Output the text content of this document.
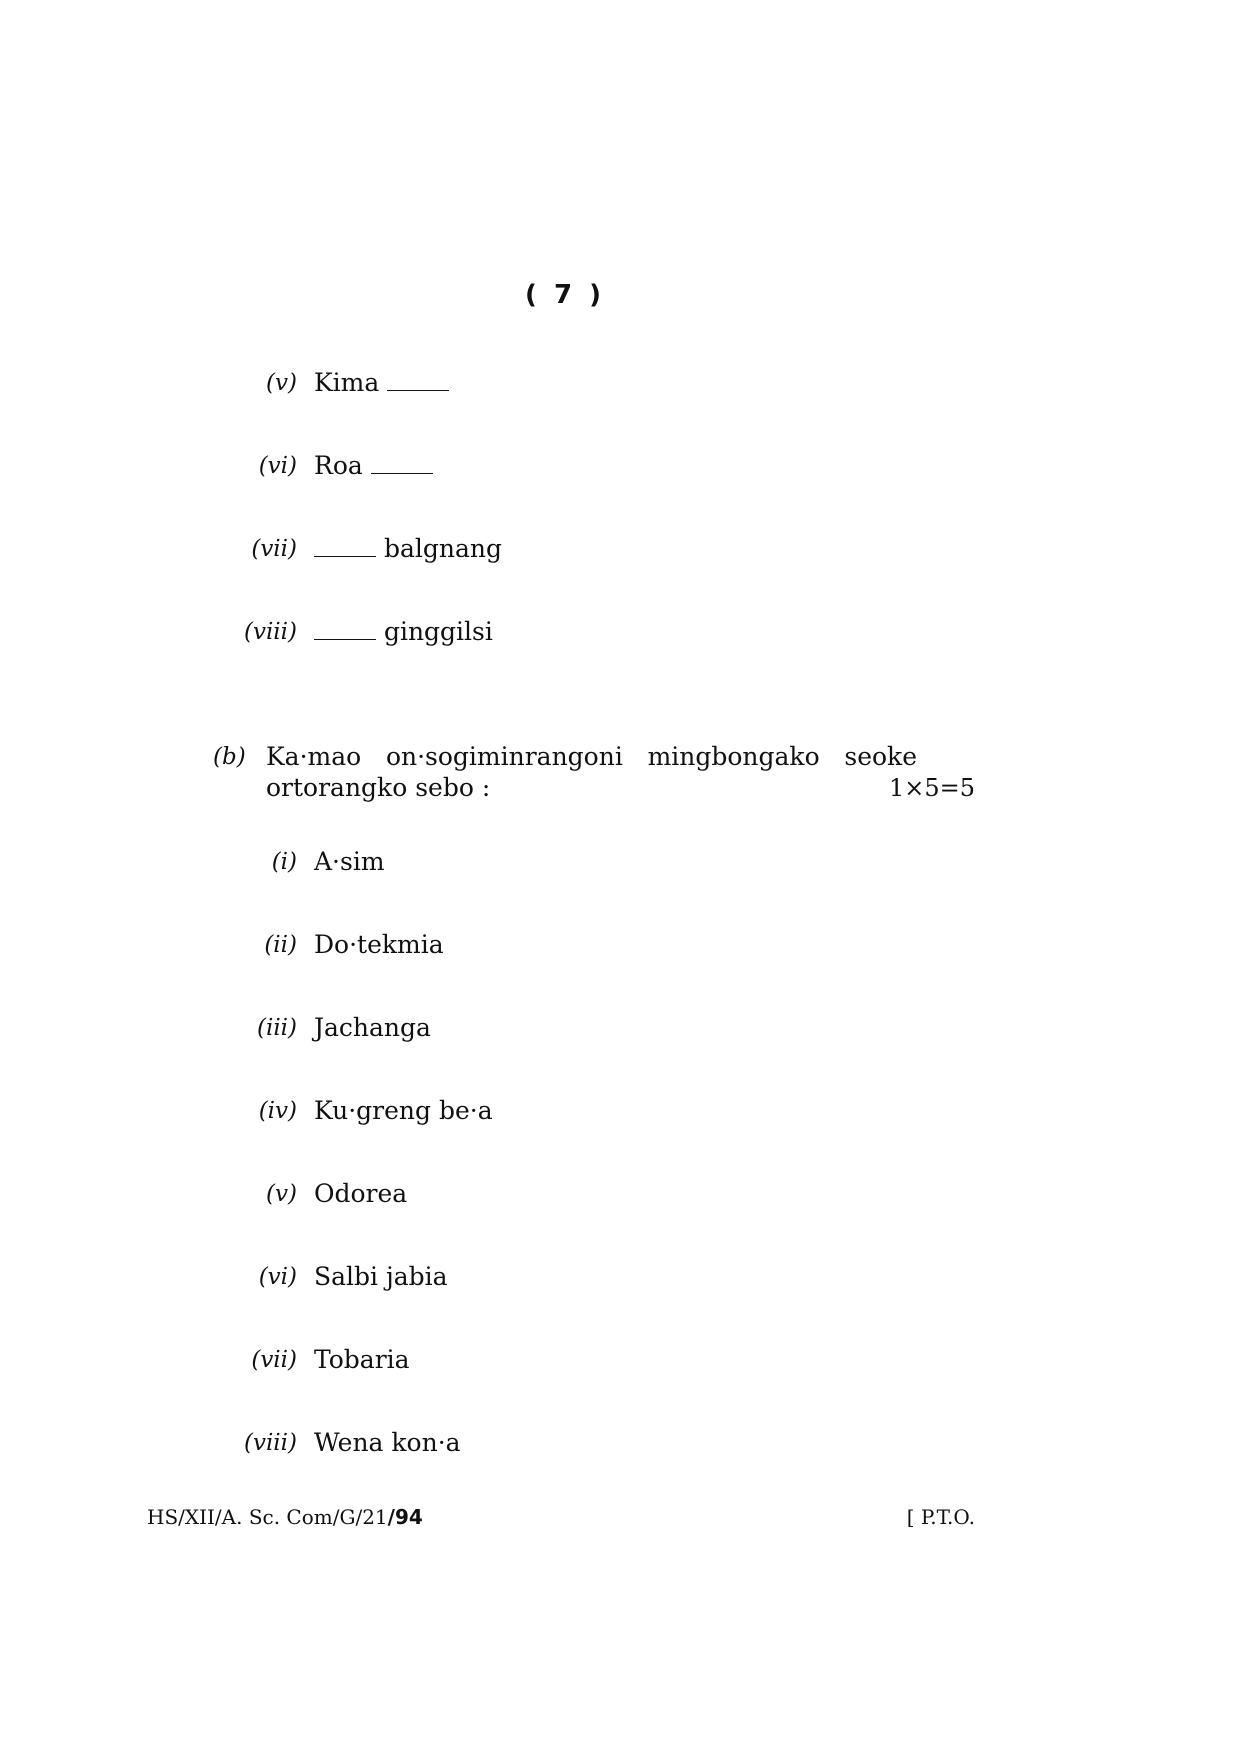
( 7 )
(v) Kima
(vi) Roa
(vii)	balgnang
(viii)	ginggilsi
(b) Ka·mao on·sogiminrangoni mingbongako seoke
ortorangko sebo :	1×5=5
(i) A·sim
(ii) Do·tekmia
(iii) Jachanga
(iv) Ku·greng be·a
(v) Odorea
(vi) Salbi jabia
(vii) Tobaria
(viii) Wena kon·a
HS/XII/A. Sc. Com/G/21/94	[ P.T.O.
